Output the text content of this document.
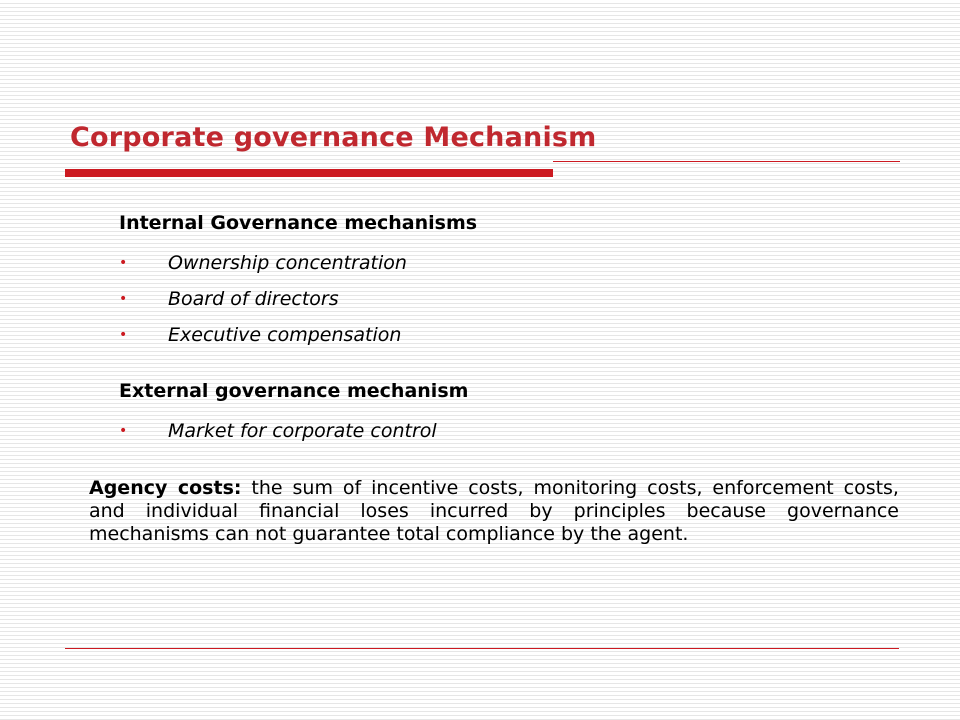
Corporate governance Mechanism
Internal Governance mechanisms
• Ownership concentration
• Board of directors
• Executive compensation
External governance mechanism
• Market for corporate control

Agency costs: the sum of incentive costs, monitoring costs, enforcement costs, and individual financial loses incurred by principles because governance mechanisms can not guarantee total compliance by the agent.
